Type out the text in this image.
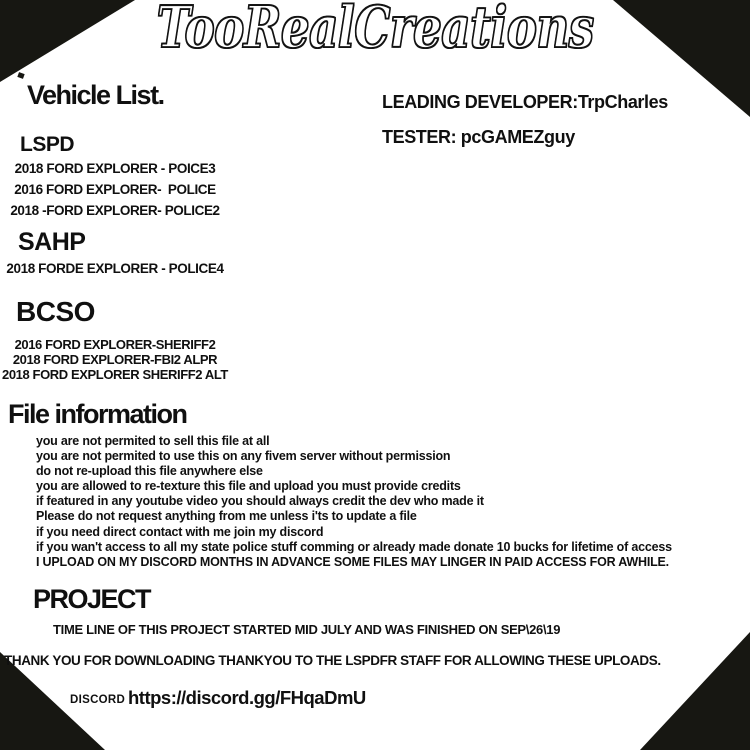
TooRealCreations
LEADING DEVELOPER:TrpCharles
TESTER: pcGAMEZguy
Vehicle List.
LSPD
2018 FORD EXPLORER - POICE3
2016 FORD EXPLORER-  POLICE
2018 -FORD EXPLORER- POLICE2
SAHP
2018 FORDE EXPLORER - POLICE4
BCSO
2016 FORD EXPLORER-SHERIFF2
2018 FORD EXPLORER-FBI2 ALPR
2018 FORD EXPLORER SHERIFF2 ALT
File information
you are not permited to sell this file at all
you are not permited to use this on any fivem server without permission
do not re-upload this file anywhere else
you are allowed to re-texture this file and upload you must provide credits
if featured in any youtube video you should always credit the dev who made it
Please do not request anything from me unless i'ts to update a file
if you need direct contact with me join my discord
if you wan't access to all my state police stuff comming or already made donate 10 bucks for lifetime of access
I UPLOAD ON MY DISCORD MONTHS IN ADVANCE SOME FILES MAY LINGER IN PAID ACCESS FOR AWHILE.
PROJECT
TIME LINE OF THIS PROJECT STARTED MID JULY AND WAS FINISHED ON SEP\26\19
THANK YOU FOR DOWNLOADING THANKYOU TO THE LSPDFR STAFF FOR ALLOWING THESE UPLOADS.
DISCORD https://discord.gg/FHqaDmU
